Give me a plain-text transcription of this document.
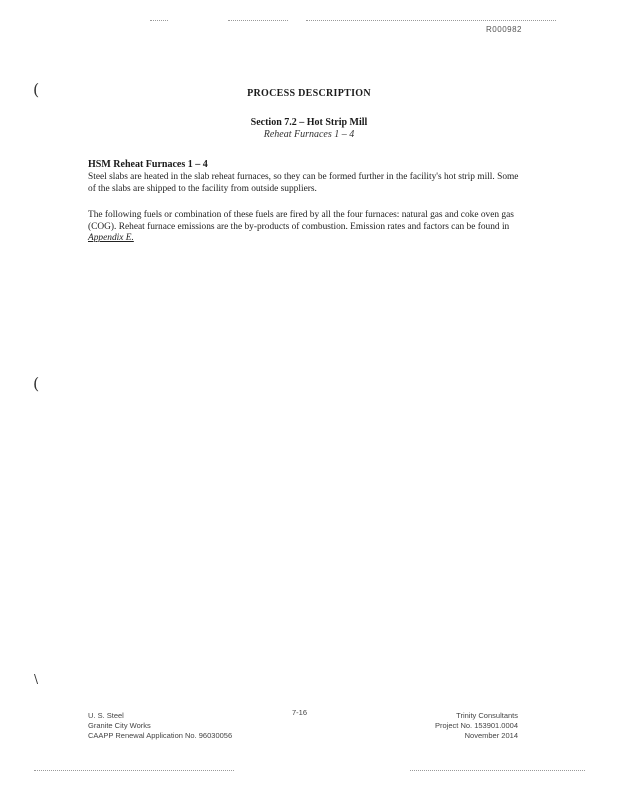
R000982
(
(
\
PROCESS DESCRIPTION
Section 7.2 – Hot Strip Mill
Reheat Furnaces 1 – 4
HSM Reheat Furnaces 1 – 4
Steel slabs are heated in the slab reheat furnaces, so they can be formed further in the facility's hot strip mill. Some of the slabs are shipped to the facility from outside suppliers.
The following fuels or combination of these fuels are fired by all the four furnaces: natural gas and coke oven gas (COG). Reheat furnace emissions are the by-products of combustion. Emission rates and factors can be found in Appendix E.
U. S. Steel
Granite City Works
CAAPP Renewal Application No. 96030056
7-16	Trinity Consultants
Project No. 153901.0004
November 2014
